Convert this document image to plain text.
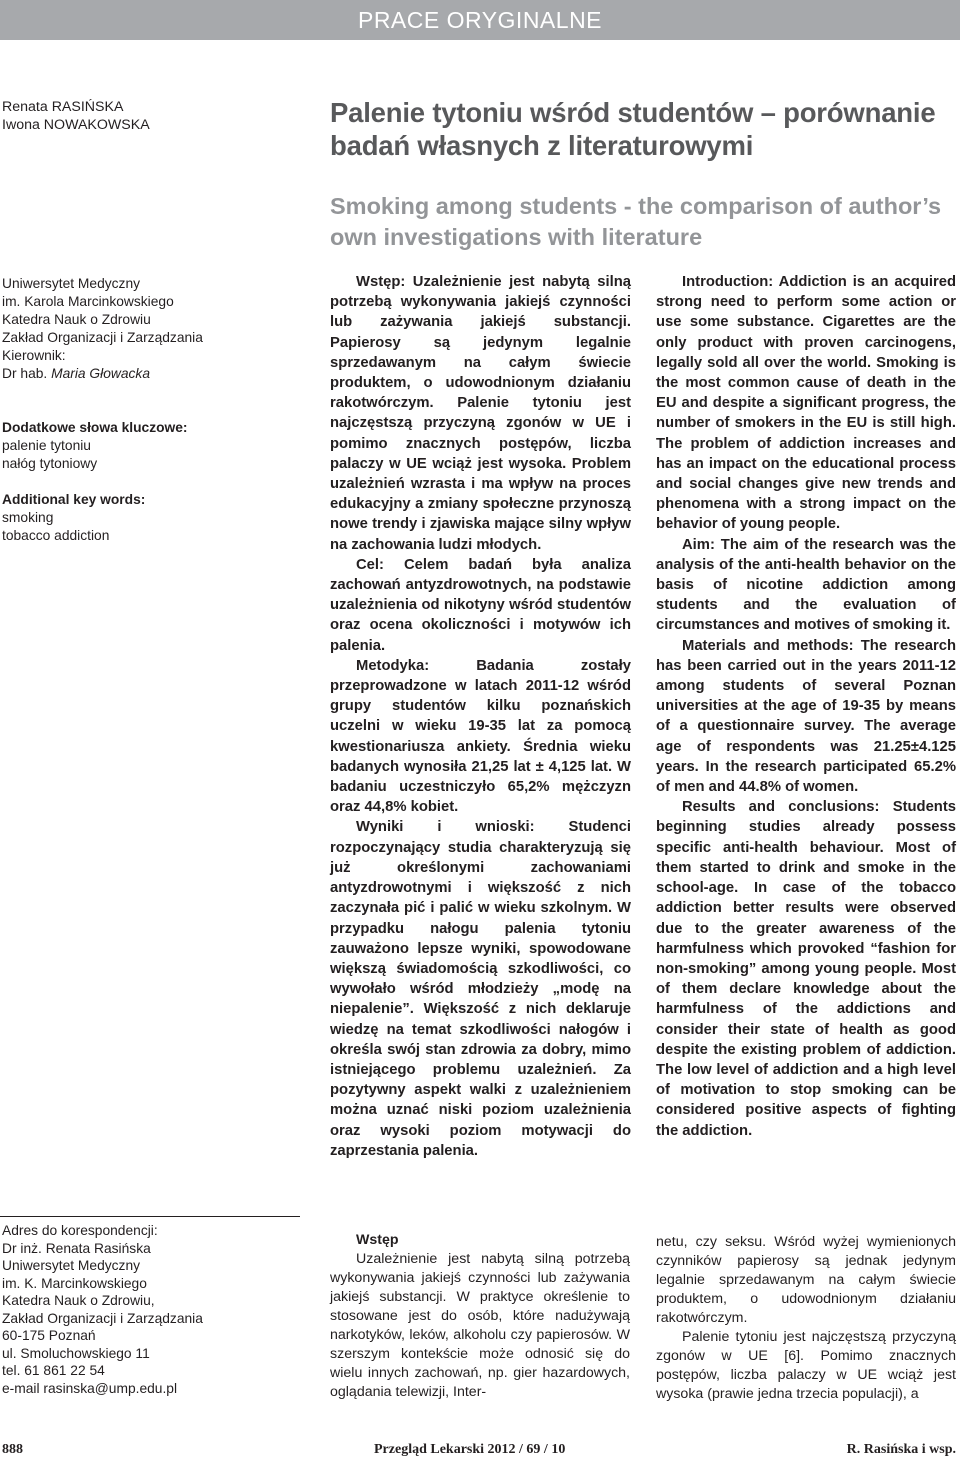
PRACE ORYGINALNE
Renata RASIŃSKA
Iwona NOWAKOWSKA	Palenie tytoniu wśród studentów – porównanie
badań własnych z literaturowymi
Smoking among students - the comparison of author’s
own investigations with literature
Uniwersytet Medyczny
im. Karola Marcinkowskiego
Katedra Nauk o Zdrowiu
Zakład Organizacji i Zarządzania
Kierownik:
Dr hab. Maria Głowacka
Dodatkowe słowa kluczowe:
palenie tytoniu
nałóg tytoniowy
Additional key words:
smoking
tobacco addiction

Wstęp: Uzależnienie jest nabytą silną potrzebą wykonywania jakiejś czynności lub zażywania jakiejś substancji. Papierosy są jedynym legalnie sprzedawanym na całym świecie produktem, o udowodnionym działaniu rakotwórczym. Palenie tytoniu jest najczęstszą przyczyną zgonów w UE i pomimo znacznych postępów, liczba palaczy w UE wciąż jest wysoka. Problem uzależnień wzrasta i ma wpływ na proces edukacyjny a zmiany społeczne przynoszą nowe trendy i zjawiska mające silny wpływ na zachowania ludzi młodych.

Cel: Celem badań była analiza zachowań antyzdrowotnych, na podstawie uzależnienia od nikotyny wśród studentów oraz ocena okoliczności i motywów ich palenia.

Metodyka: Badania zostały przeprowadzone w latach 2011-12 wśród grupy studentów kilku poznańskich uczelni w wieku 19-35 lat za pomocą kwestionariusza ankiety. Średnia wieku badanych wynosiła 21,25 lat ± 4,125 lat. W badaniu uczestniczyło 65,2% mężczyzn oraz 44,8% kobiet.

Wyniki i wnioski: Studenci rozpoczynający studia charakteryzują się już określonymi zachowaniami antyzdrowotnymi i większość z nich zaczynała pić i palić w wieku szkolnym. W przypadku nałogu palenia tytoniu zauważono lepsze wyniki, spowodowane większą świadomością szkodliwości, co wywołało wśród młodzieży „modę na niepalenie”. Większość z nich deklaruje wiedzę na temat szkodliwości nałogów i określa swój stan zdrowia za dobry, mimo istniejącego problemu uzależnień. Za pozytywny aspekt walki z uzależnieniem można uznać niski poziom uzależnienia oraz wysoki poziom motywacji do zaprzestania palenia.

Introduction: Addiction is an acquired strong need to perform some action or use some substance. Cigarettes are the only product with proven carcinogens, legally sold all over the world. Smoking is the most common cause of death in the EU and despite a significant progress, the number of smokers in the EU is still high. The problem of addiction increases and has an impact on the educational process and social changes give new trends and phenomena with a strong impact on the behavior of young people.

Aim: The aim of the research was the analysis of the anti-health behavior on the basis of nicotine addiction among students and the evaluation of circumstances and motives of smoking it.

Materials and methods: The research has been carried out in the years 2011-12 among students of several Poznan universities at the age of 19-35 by means of a questionnaire survey. The average age of respondents was 21.25±4.125 years. In the research participated 65.2% of men and 44.8% of women.

Results and conclusions: Students beginning studies already possess specific anti-health behaviour. Most of them started to drink and smoke in the school-age. In case of the tobacco addiction better results were observed due to the greater awareness of the harmfulness which provoked “fashion for non-smoking” among young people. Most of them declare knowledge about the harmfulness of the addictions and consider their state of health as good despite the existing problem of addiction. The low level of addiction and a high level of motivation to stop smoking can be considered positive aspects of fighting the addiction.

Adres do korespondencji:
Dr inż. Renata Rasińska
Uniwersytet Medyczny
im. K. Marcinkowskiego
Katedra Nauk o Zdrowiu,
Zakład Organizacji i Zarządzania
60-175 Poznań
ul. Smoluchowskiego 11
tel. 61 861 22 54
e-mail rasinska@ump.edu.pl
Wstęp

Uzależnienie jest nabytą silną potrzebą wykonywania jakiejś czynności lub zażywania jakiejś substancji. W praktyce określenie to stosowane jest do osób, które nadużywają narkotyków, leków, alkoholu czy papierosów. W szerszym kontekście może odnosić się do wielu innych zachowań, np. gier hazardowych, oglądania telewizji, Inter-

netu, czy seksu. Wśród wyżej wymienionych czynników papierosy są jednak jedynym legalnie sprzedawanym na całym świecie produktem, o udowodnionym działaniu rakotwórczym.

Palenie tytoniu jest najczęstszą przyczyną zgonów w UE [6]. Pomimo znacznych postępów, liczba palaczy w UE wciąż jest wysoka (prawie jedna trzecia populacji), a

888	Przegląd Lekarski 2012 / 69 / 10	R. Rasińska i wsp.
